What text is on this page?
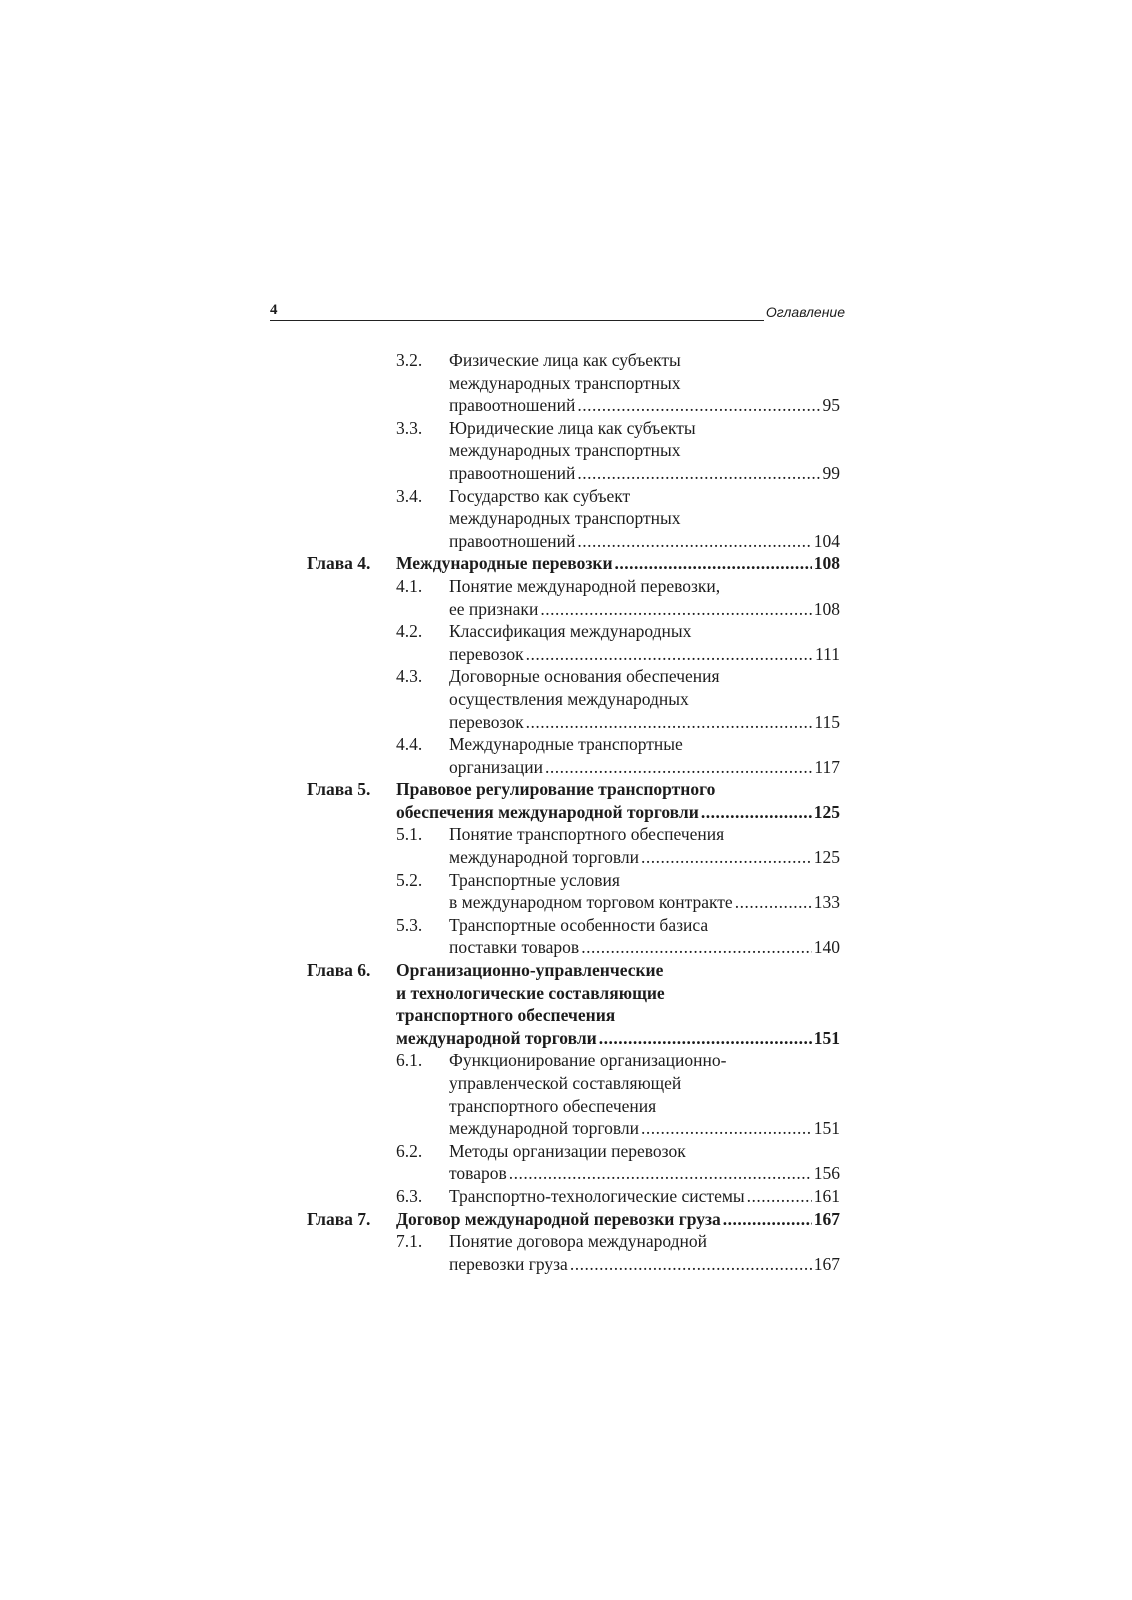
4	Оглавление
3.2. Физические лица как субъекты
международных транспортных
правоотношений .....	95
3.3. Юридические лица как субъекты
международных транспортных
правоотношений .....	99
3.4. Государство как субъект
международных транспортных
правоотношений .....	104
Глава 4. Международные перевозки .....	108
4.1. Понятие международной перевозки,
ее признаки .....	108
4.2. Классификация международных
перевозок .....	111
4.3. Договорные основания обеспечения
осуществления международных
перевозок .....	115
4.4. Международные транспортные
организации .....	117
Глава 5. Правовое регулирование транспортного
обеспечения международной торговли .....	125
5.1. Понятие транспортного обеспечения
международной торговли .....	125
5.2. Транспортные условия
в международном торговом контракте .....	133
5.3. Транспортные особенности базиса
поставки товаров .....	140
Глава 6. Организационно-управленческие
и технологические составляющие
транспортного обеспечения
международной торговли .....	151
6.1. Функционирование организационно-
управленческой составляющей
транспортного обеспечения
международной торговли .....	151
6.2. Методы организации перевозок
товаров .....	156
6.3. Транспортно-технологические системы .....	161
Глава 7. Договор международной перевозки груза .....	167
7.1. Понятие договора международной
перевозки груза .....	167
